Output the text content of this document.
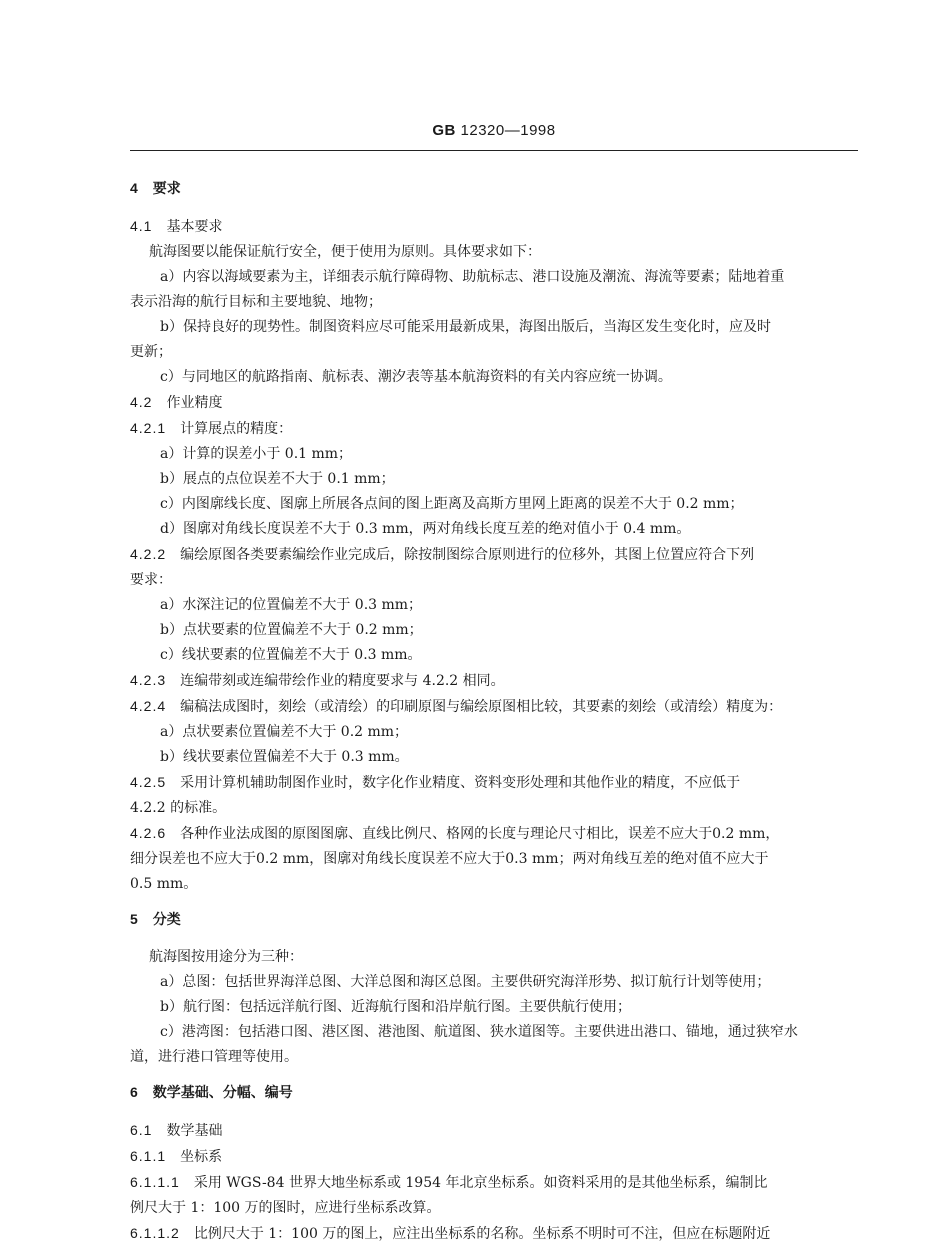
GB 12320—1998
4 要求
4.1 基本要求
航海图要以能保证航行安全，便于使用为原则。具体要求如下：
a）内容以海域要素为主，详细表示航行障碍物、助航标志、港口设施及潮流、海流等要素；陆地着重
表示沿海的航行目标和主要地貌、地物；
b）保持良好的现势性。制图资料应尽可能采用最新成果，海图出版后，当海区发生变化时，应及时
更新；
c）与同地区的航路指南、航标表、潮汐表等基本航海资料的有关内容应统一协调。
4.2 作业精度
4.2.1 计算展点的精度：
a）计算的误差小于 0.1 mm；
b）展点的点位误差不大于 0.1 mm；
c）内图廓线长度、图廓上所展各点间的图上距离及高斯方里网上距离的误差不大于 0.2 mm；
d）图廓对角线长度误差不大于 0.3 mm，两对角线长度互差的绝对值小于 0.4 mm。
4.2.2 编绘原图各类要素编绘作业完成后，除按制图综合原则进行的位移外，其图上位置应符合下列
要求：
a）水深注记的位置偏差不大于 0.3 mm；
b）点状要素的位置偏差不大于 0.2 mm；
c）线状要素的位置偏差不大于 0.3 mm。
4.2.3 连编带刻或连编带绘作业的精度要求与 4.2.2 相同。
4.2.4 编稿法成图时，刻绘（或清绘）的印刷原图与编绘原图相比较，其要素的刻绘（或清绘）精度为：
a）点状要素位置偏差不大于 0.2 mm；
b）线状要素位置偏差不大于 0.3 mm。
4.2.5 采用计算机辅助制图作业时，数字化作业精度、资料变形处理和其他作业的精度，不应低于
4.2.2 的标准。
4.2.6 各种作业法成图的原图图廓、直线比例尺、格网的长度与理论尺寸相比，误差不应大于0.2 mm，
细分误差也不应大于0.2 mm，图廓对角线长度误差不应大于0.3 mm；两对角线互差的绝对值不应大于
0.5 mm。
5 分类
航海图按用途分为三种：
a）总图：包括世界海洋总图、大洋总图和海区总图。主要供研究海洋形势、拟订航行计划等使用；
b）航行图：包括远洋航行图、近海航行图和沿岸航行图。主要供航行使用；
c）港湾图：包括港口图、港区图、港池图、航道图、狭水道图等。主要供进出港口、锚地，通过狭窄水
道，进行港口管理等使用。
6 数学基础、分幅、编号
6.1 数学基础
6.1.1 坐标系
6.1.1.1 采用 WGS-84 世界大地坐标系或 1954 年北京坐标系。如资料采用的是其他坐标系，编制比
例尺大于 1：100 万的图时，应进行坐标系改算。
6.1.1.2 比例尺大于 1：100 万的图上，应注出坐标系的名称。坐标系不明时可不注，但应在标题附近
